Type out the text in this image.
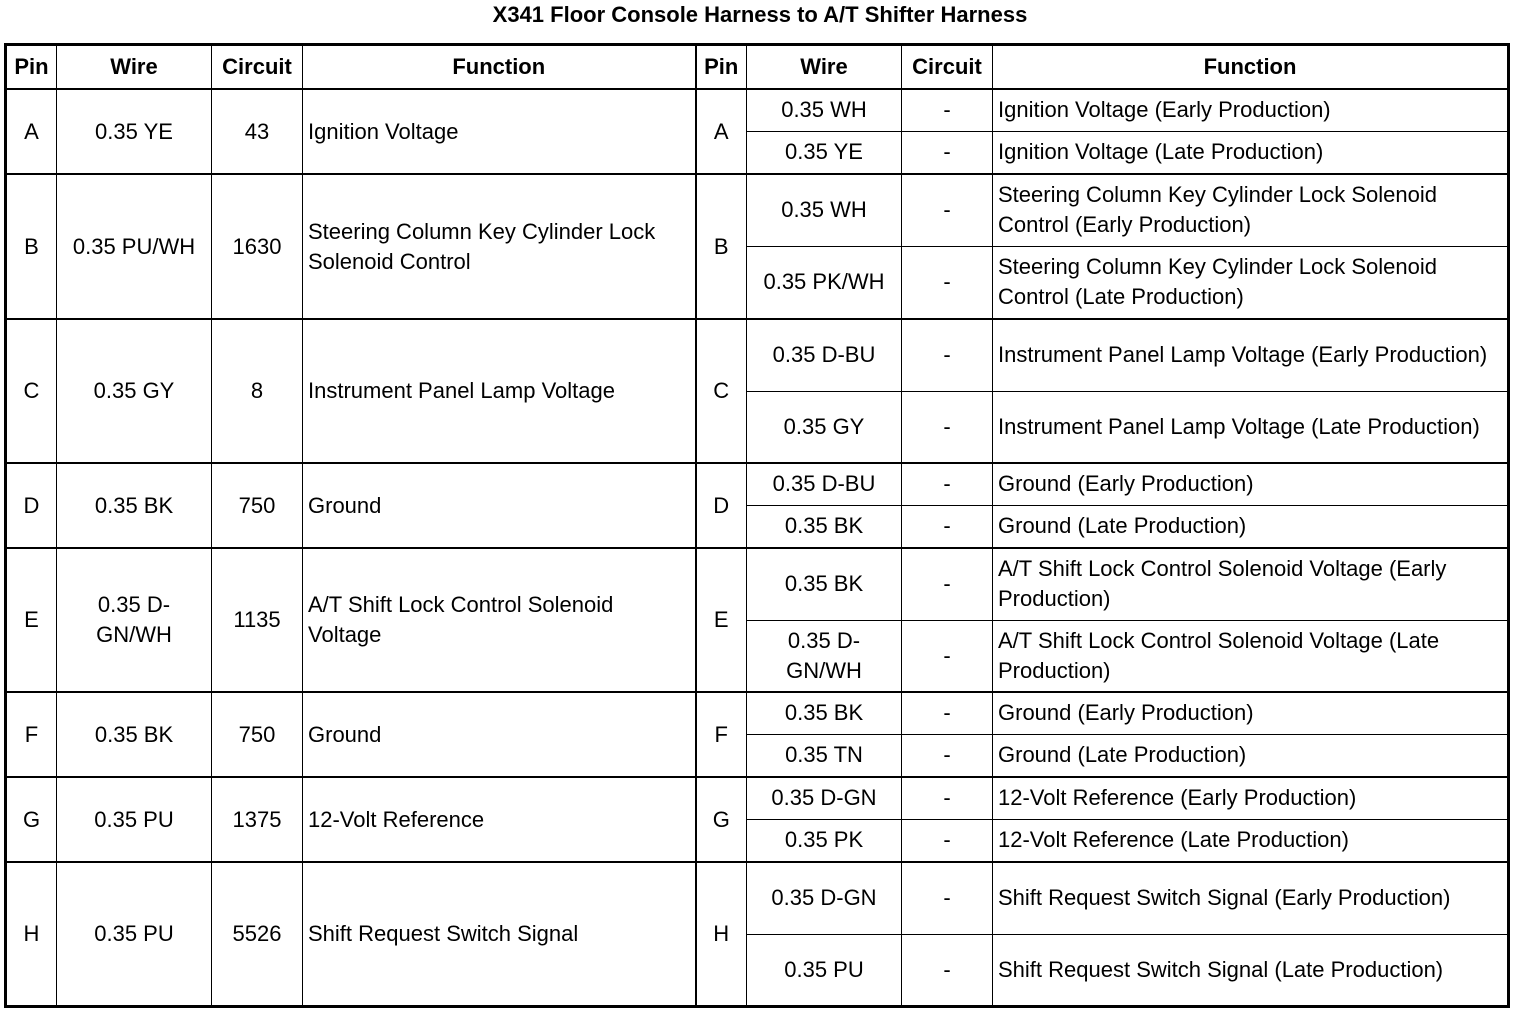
X341 Floor Console Harness to A/T Shifter Harness
Pin	Wire	Circuit	Function	Pin	Wire	Circuit	Function
A	0.35 YE	43	Ignition Voltage	A	0.35 WH	-	Ignition Voltage (Early Production)
					0.35 YE	-	Ignition Voltage (Late Production)
B	0.35 PU/WH	1630	Steering Column Key Cylinder Lock Solenoid Control	B	0.35 WH	-	Steering Column Key Cylinder Lock Solenoid Control (Early Production)
					0.35 PK/WH	-	Steering Column Key Cylinder Lock Solenoid Control (Late Production)
C	0.35 GY	8	Instrument Panel Lamp Voltage	C	0.35 D-BU	-	Instrument Panel Lamp Voltage (Early Production)
					0.35 GY	-	Instrument Panel Lamp Voltage (Late Production)
D	0.35 BK	750	Ground	D	0.35 D-BU	-	Ground (Early Production)
					0.35 BK	-	Ground (Late Production)
E	0.35 D-GN/WH	1135	A/T Shift Lock Control Solenoid Voltage	E	0.35 BK	-	A/T Shift Lock Control Solenoid Voltage (Early Production)
					0.35 D-GN/WH	-	A/T Shift Lock Control Solenoid Voltage (Late Production)
F	0.35 BK	750	Ground	F	0.35 BK	-	Ground (Early Production)
					0.35 TN	-	Ground (Late Production)
G	0.35 PU	1375	12-Volt Reference	G	0.35 D-GN	-	12-Volt Reference (Early Production)
					0.35 PK	-	12-Volt Reference (Late Production)
H	0.35 PU	5526	Shift Request Switch Signal	H	0.35 D-GN	-	Shift Request Switch Signal (Early Production)
					0.35 PU	-	Shift Request Switch Signal (Late Production)
